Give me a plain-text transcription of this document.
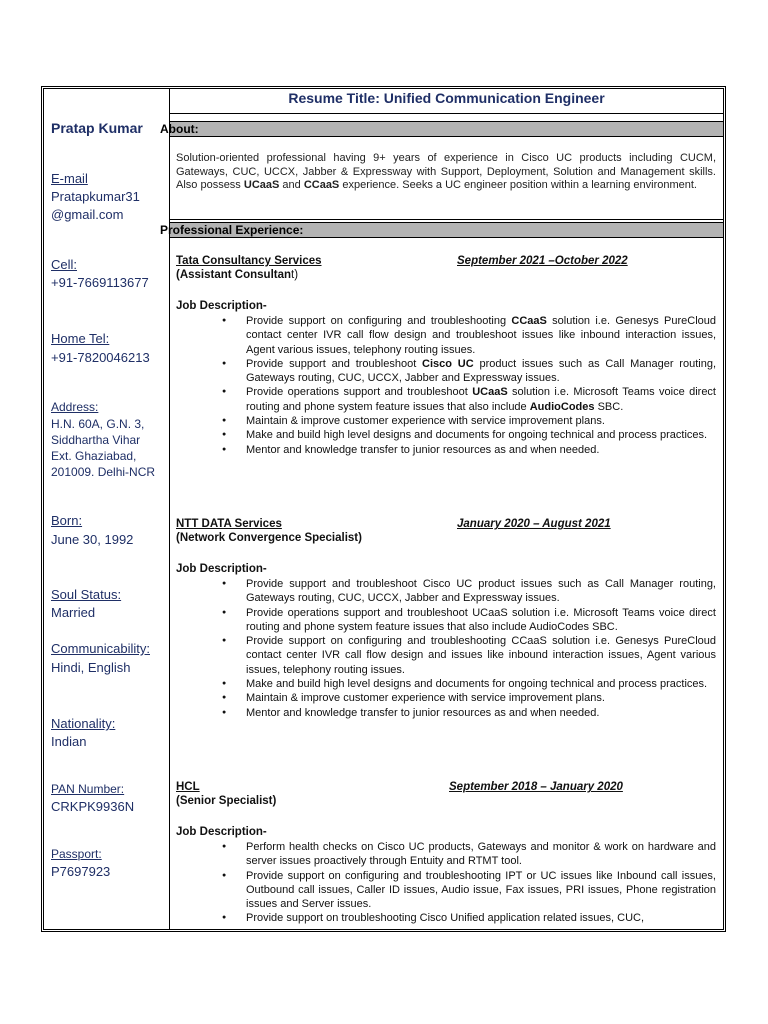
Pratap Kumar
E-mail
Pratapkumar31
@gmail.com
Cell:
+91-7669113677
Home Tel:
+91-7820046213
Address:
H.N. 60A, G.N. 3,
Siddhartha Vihar
Ext. Ghaziabad,
201009. Delhi-NCR
Born:
June 30, 1992
Soul Status:
Married
Communicability:
Hindi, English
Nationality:
Indian
PAN Number:
CRKPK9936N
Passport:
P7697923
Resume Title: Unified Communication Engineer
About:
Solution-oriented professional having 9+ years of experience in Cisco UC products including CUCM, Gateways, CUC, UCCX, Jabber & Expressway with Support, Deployment, Solution and Management skills. Also possess UCaaS and CCaaS experience. Seeks a UC engineer position within a learning environment.
Professional Experience:
Tata Consultancy Services	September 2021 –October 2022
(Assistant Consultant)
Job Description-
● Provide support on configuring and troubleshooting CCaaS solution i.e. Genesys PureCloud contact center IVR call flow design and troubleshoot issues like inbound interaction issues, Agent various issues, telephony routing issues.
● Provide support and troubleshoot Cisco UC product issues such as Call Manager routing, Gateways routing, CUC, UCCX, Jabber and Expressway issues.
● Provide operations support and troubleshoot UCaaS solution i.e. Microsoft Teams voice direct routing and phone system feature issues that also include AudioCodes SBC.
● Maintain & improve customer experience with service improvement plans.
● Make and build high level designs and documents for ongoing technical and process practices.
● Mentor and knowledge transfer to junior resources as and when needed.
NTT DATA Services	January 2020 – August 2021
(Network Convergence Specialist)
Job Description-
● Provide support and troubleshoot Cisco UC product issues such as Call Manager routing, Gateways routing, CUC, UCCX, Jabber and Expressway issues.
● Provide operations support and troubleshoot UCaaS solution i.e. Microsoft Teams voice direct routing and phone system feature issues that also include AudioCodes SBC.
● Provide support on configuring and troubleshooting CCaaS solution i.e. Genesys PureCloud contact center IVR call flow design and issues like inbound interaction issues, Agent various issues, telephony routing issues.
● Make and build high level designs and documents for ongoing technical and process practices.
● Maintain & improve customer experience with service improvement plans.
● Mentor and knowledge transfer to junior resources as and when needed.
HCL	September 2018 – January 2020
(Senior Specialist)
Job Description-
● Perform health checks on Cisco UC products, Gateways and monitor & work on hardware and server issues proactively through Entuity and RTMT tool.
● Provide support on configuring and troubleshooting IPT or UC issues like Inbound call issues, Outbound call issues, Caller ID issues, Audio issue, Fax issues, PRI issues, Phone registration issues and Server issues.
● Provide support on troubleshooting Cisco Unified application related issues, CUC,
